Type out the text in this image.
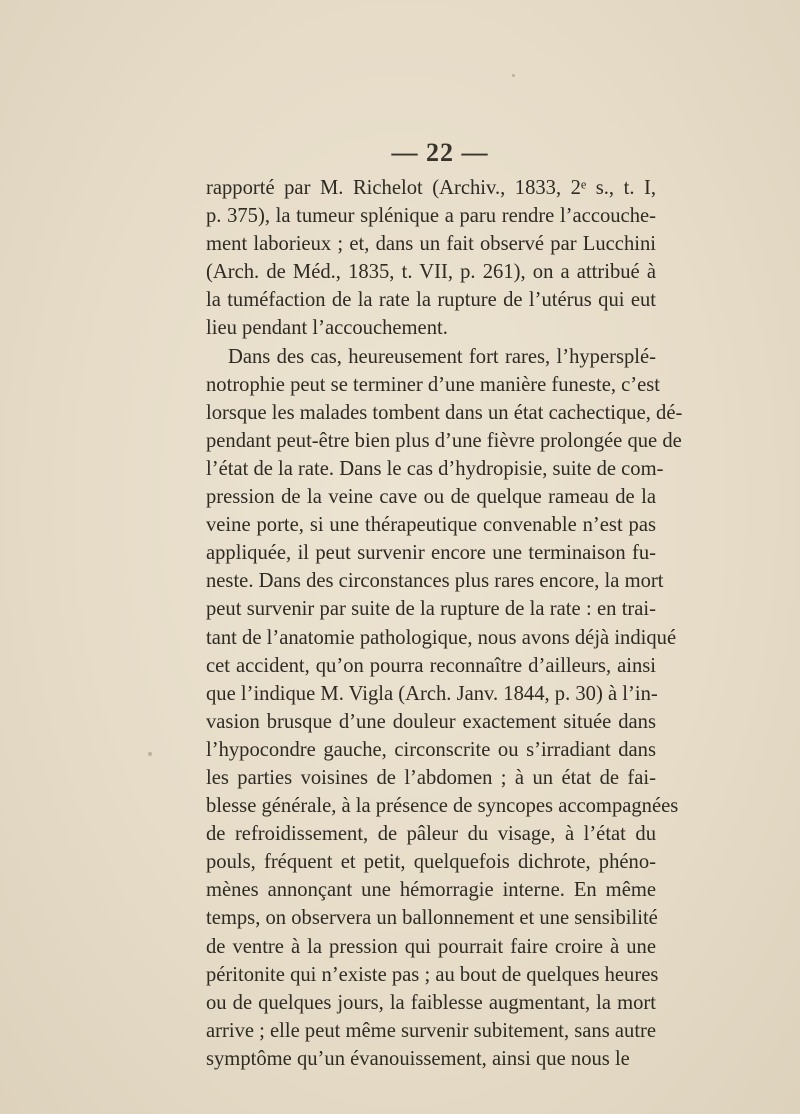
— 22 —
rapporté par M. Richelot (Archiv., 1833, 2ᵉ s., t. I,
p. 375), la tumeur splénique a paru rendre l’accouche-
ment laborieux ; et, dans un fait observé par Lucchini
(Arch. de Méd., 1835, t. VII, p. 261), on a attribué à
la tuméfaction de la rate la rupture de l’utérus qui eut
lieu pendant l’accouchement.
Dans des cas, heureusement fort rares, l’hypersplé-
notrophie peut se terminer d’une manière funeste, c’est
lorsque les malades tombent dans un état cachectique, dé-
pendant peut-être bien plus d’une fièvre prolongée que de
l’état de la rate. Dans le cas d’hydropisie, suite de com-
pression de la veine cave ou de quelque rameau de la
veine porte, si une thérapeutique convenable n’est pas
appliquée, il peut survenir encore une terminaison fu-
neste. Dans des circonstances plus rares encore, la mort
peut survenir par suite de la rupture de la rate : en trai-
tant de l’anatomie pathologique, nous avons déjà indiqué
cet accident, qu’on pourra reconnaître d’ailleurs, ainsi
que l’indique M. Vigla (Arch. Janv. 1844, p. 30) à l’in-
vasion brusque d’une douleur exactement située dans
l’hypocondre gauche, circonscrite ou s’irradiant dans
les parties voisines de l’abdomen ; à un état de fai-
blesse générale, à la présence de syncopes accompagnées
de refroidissement, de pâleur du visage, à l’état du
pouls, fréquent et petit, quelquefois dichrote, phéno-
mènes annonçant une hémorragie interne. En même
temps, on observera un ballonnement et une sensibilité
de ventre à la pression qui pourrait faire croire à une
péritonite qui n’existe pas ; au bout de quelques heures
ou de quelques jours, la faiblesse augmentant, la mort
arrive ; elle peut même survenir subitement, sans autre
symptôme qu’un évanouissement, ainsi que nous le
